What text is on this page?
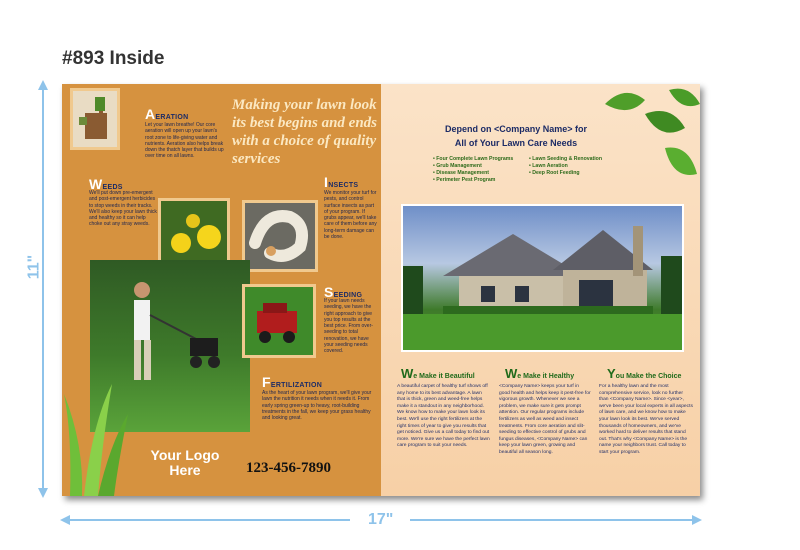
#893 Inside
11"
17"
AERATION
Let your lawn breathe! Our core aeration will open up your lawn's root zone to life-giving water and nutrients. Aeration also helps break down the thatch layer that builds up over time on all lawns.
Making your lawn look its best begins and ends with a choice of quality services
WEEDS
We'll put down pre-emergent and post-emergent herbicides to stop weeds in their tracks. We'll also keep your lawn thick and healthy so it can help choke out any stray weeds.
INSECTS
We monitor your turf for pests, and control surface insects as part of your program. If grubs appear, we'll take care of them before any long-term damage can be done.
SEEDING
If your lawn needs seeding, we have the right approach to give you top results at the best price. From over-seeding to total renovation, we have your seeding needs covered.
FERTILIZATION
As the heart of your lawn program, we'll give your lawn the nutrition it needs when it needs it. From early spring green-up to heavy, root-building treatments in the fall, we keep your grass healthy and looking great.
Your Logo Here	123-456-7890
Depend on <Company Name> for
All of Your Lawn Care Needs
• Four Complete Lawn Programs
• Grub Management
• Disease Management
• Perimeter Pest Program
• Lawn Seeding & Renovation
• Lawn Aeration
• Deep Root Feeding
We Make it Beautiful
A beautiful carpet of healthy turf shows off any home to its best advantage. A lawn that is thick, green and weed-free helps make it a standout in any neighborhood. We know how to make your lawn look its best. We'll use the right fertilizers at the right times of year to give you results that get noticed. Give us a call today to find out more. We're sure we have the perfect lawn care program to suit your needs.
We Make it Healthy
<Company Name> keeps your turf in good health and helps keep it pest-free for vigorous growth. Whenever we see a problem, we make sure it gets prompt attention. Our regular programs include fertilizers as well as weed and insect treatments. From core aeration and slit-seeding to effective control of grubs and fungus diseases, <Company Name> can keep your lawn green, growing and beautiful all season long.
You Make the Choice
For a healthy lawn and the most comprehensive service, look no further than <Company Name>. Since <year>, we've been your local experts in all aspects of lawn care, and we know how to make your lawn look its best. We've served thousands of homeowners, and we've worked hard to deliver results that stand out. That's why <Company Name> is the name your neighbors trust. Call today to start your program.
